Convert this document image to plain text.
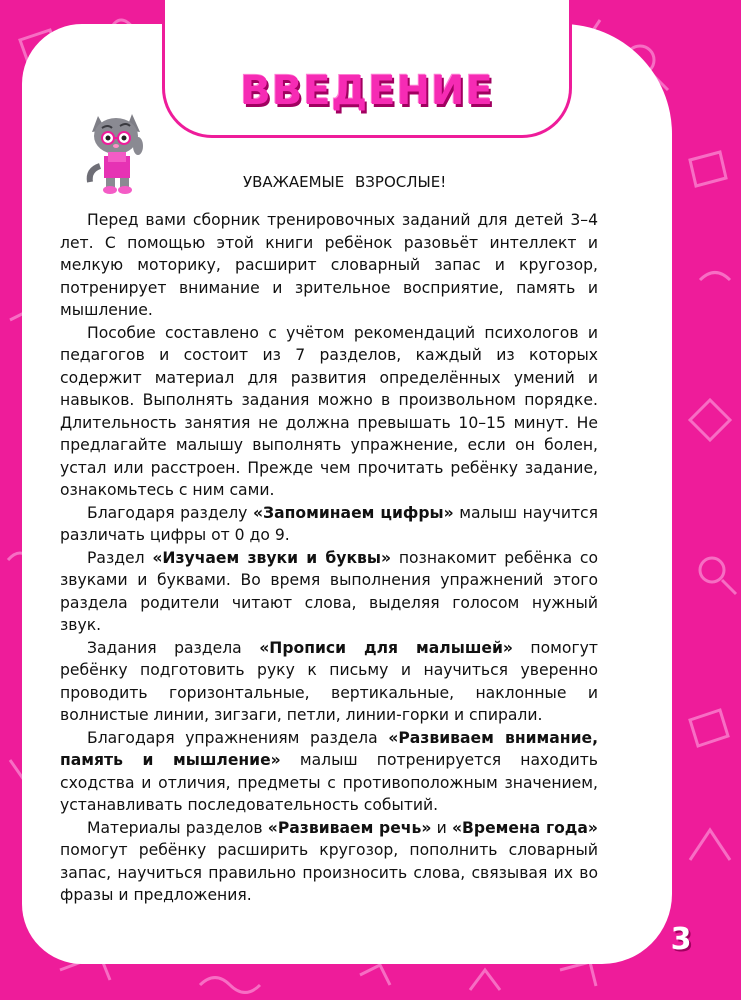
ВВЕДЕНИЕ

УВАЖАЕМЫЕ ВЗРОСЛЫЕ!

Перед вами сборник тренировочных заданий для детей 3–4 лет. С помощью этой книги ребёнок разовьёт интеллект и мелкую моторику, расширит словарный запас и кругозор, потренирует внимание и зрительное восприятие, память и мышление.

Пособие составлено с учётом рекомендаций психологов и педагогов и состоит из 7 разделов, каждый из которых содержит материал для развития определённых умений и навыков. Выполнять задания можно в произвольном порядке. Длительность занятия не должна превышать 10–15 минут. Не предлагайте малышу выполнять упражнение, если он болен, устал или расстроен. Прежде чем прочитать ребёнку задание, ознакомьтесь с ним сами.

Благодаря разделу «Запоминаем цифры» малыш научится различать цифры от 0 до 9.

Раздел «Изучаем звуки и буквы» познакомит ребёнка со звуками и буквами. Во время выполнения упражнений этого раздела родители читают слова, выделяя голосом нужный звук.

Задания раздела «Прописи для малышей» помогут ребёнку подготовить руку к письму и научиться уверенно проводить горизонтальные, вертикальные, наклонные и волнистые линии, зигзаги, петли, линии-горки и спирали.

Благодаря упражнениям раздела «Развиваем внимание, память и мышление» малыш потренируется находить сходства и отличия, предметы с противоположным значением, устанавливать последовательность событий.

Материалы разделов «Развиваем речь» и «Времена года» помогут ребёнку расширить кругозор, пополнить словарный запас, научиться правильно произносить слова, связывая их во фразы и предложения.

3
